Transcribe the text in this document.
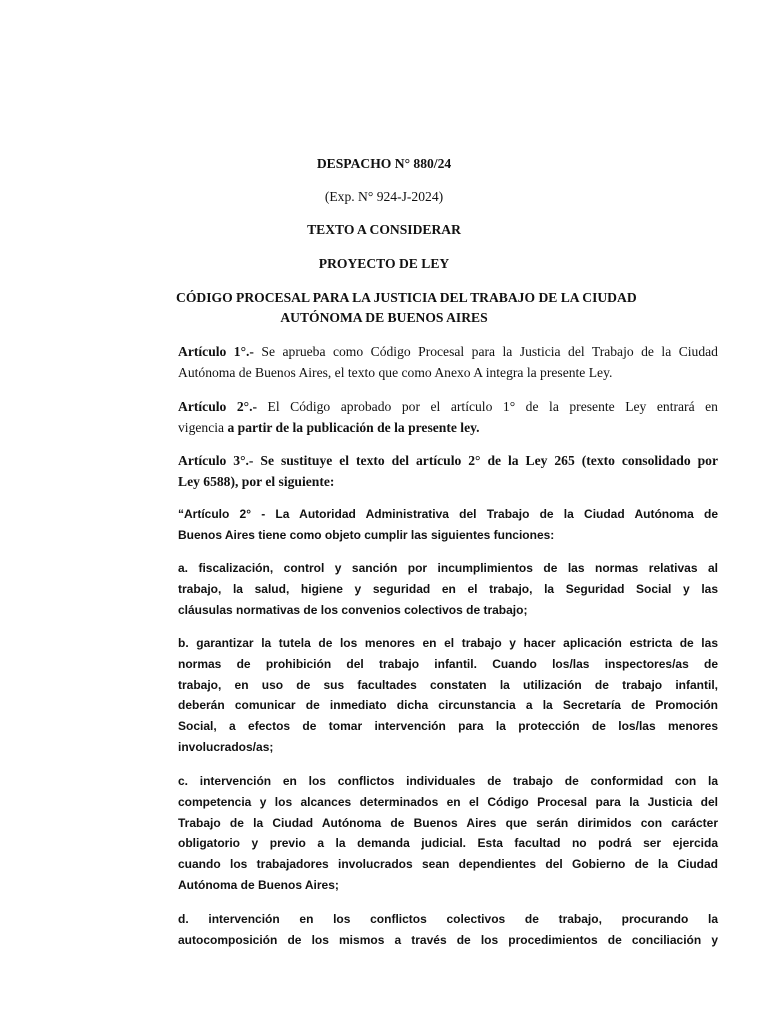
DESPACHO N° 880/24

(Exp. N° 924-J-2024)

TEXTO A CONSIDERAR

PROYECTO DE LEY

CÓDIGO PROCESAL PARA LA JUSTICIA DEL TRABAJO DE LA CIUDAD
AUTÓNOMA DE BUENOS AIRES
Artículo 1°.- Se aprueba como Código Procesal para la Justicia del Trabajo de la Ciudad
Autónoma de Buenos Aires, el texto que como Anexo A integra la presente Ley.
Artículo 2°.- El Código aprobado por el artículo 1° de la presente Ley entrará en
vigencia a partir de la publicación de la presente ley.
Artículo 3°.- Se sustituye el texto del artículo 2° de la Ley 265 (texto consolidado por
Ley 6588), por el siguiente:
“Artículo 2° - La Autoridad Administrativa del Trabajo de la Ciudad Autónoma de
Buenos Aires tiene como objeto cumplir las siguientes funciones:
a. fiscalización, control y sanción por incumplimientos de las normas relativas al
trabajo, la salud, higiene y seguridad en el trabajo, la Seguridad Social y las
cláusulas normativas de los convenios colectivos de trabajo;
b. garantizar la tutela de los menores en el trabajo y hacer aplicación estricta de las
normas de prohibición del trabajo infantil. Cuando los/las inspectores/as de
trabajo, en uso de sus facultades constaten la utilización de trabajo infantil,
deberán comunicar de inmediato dicha circunstancia a la Secretaría de Promoción
Social, a efectos de tomar intervención para la protección de los/las menores
involucrados/as;
c. intervención en los conflictos individuales de trabajo de conformidad con la
competencia y los alcances determinados en el Código Procesal para la Justicia del
Trabajo de la Ciudad Autónoma de Buenos Aires que serán dirimidos con carácter
obligatorio y previo a la demanda judicial. Esta facultad no podrá ser ejercida
cuando los trabajadores involucrados sean dependientes del Gobierno de la Ciudad
Autónoma de Buenos Aires;
d. intervención en los conflictos colectivos de trabajo, procurando la
autocomposición de los mismos a través de los procedimientos de conciliación y
